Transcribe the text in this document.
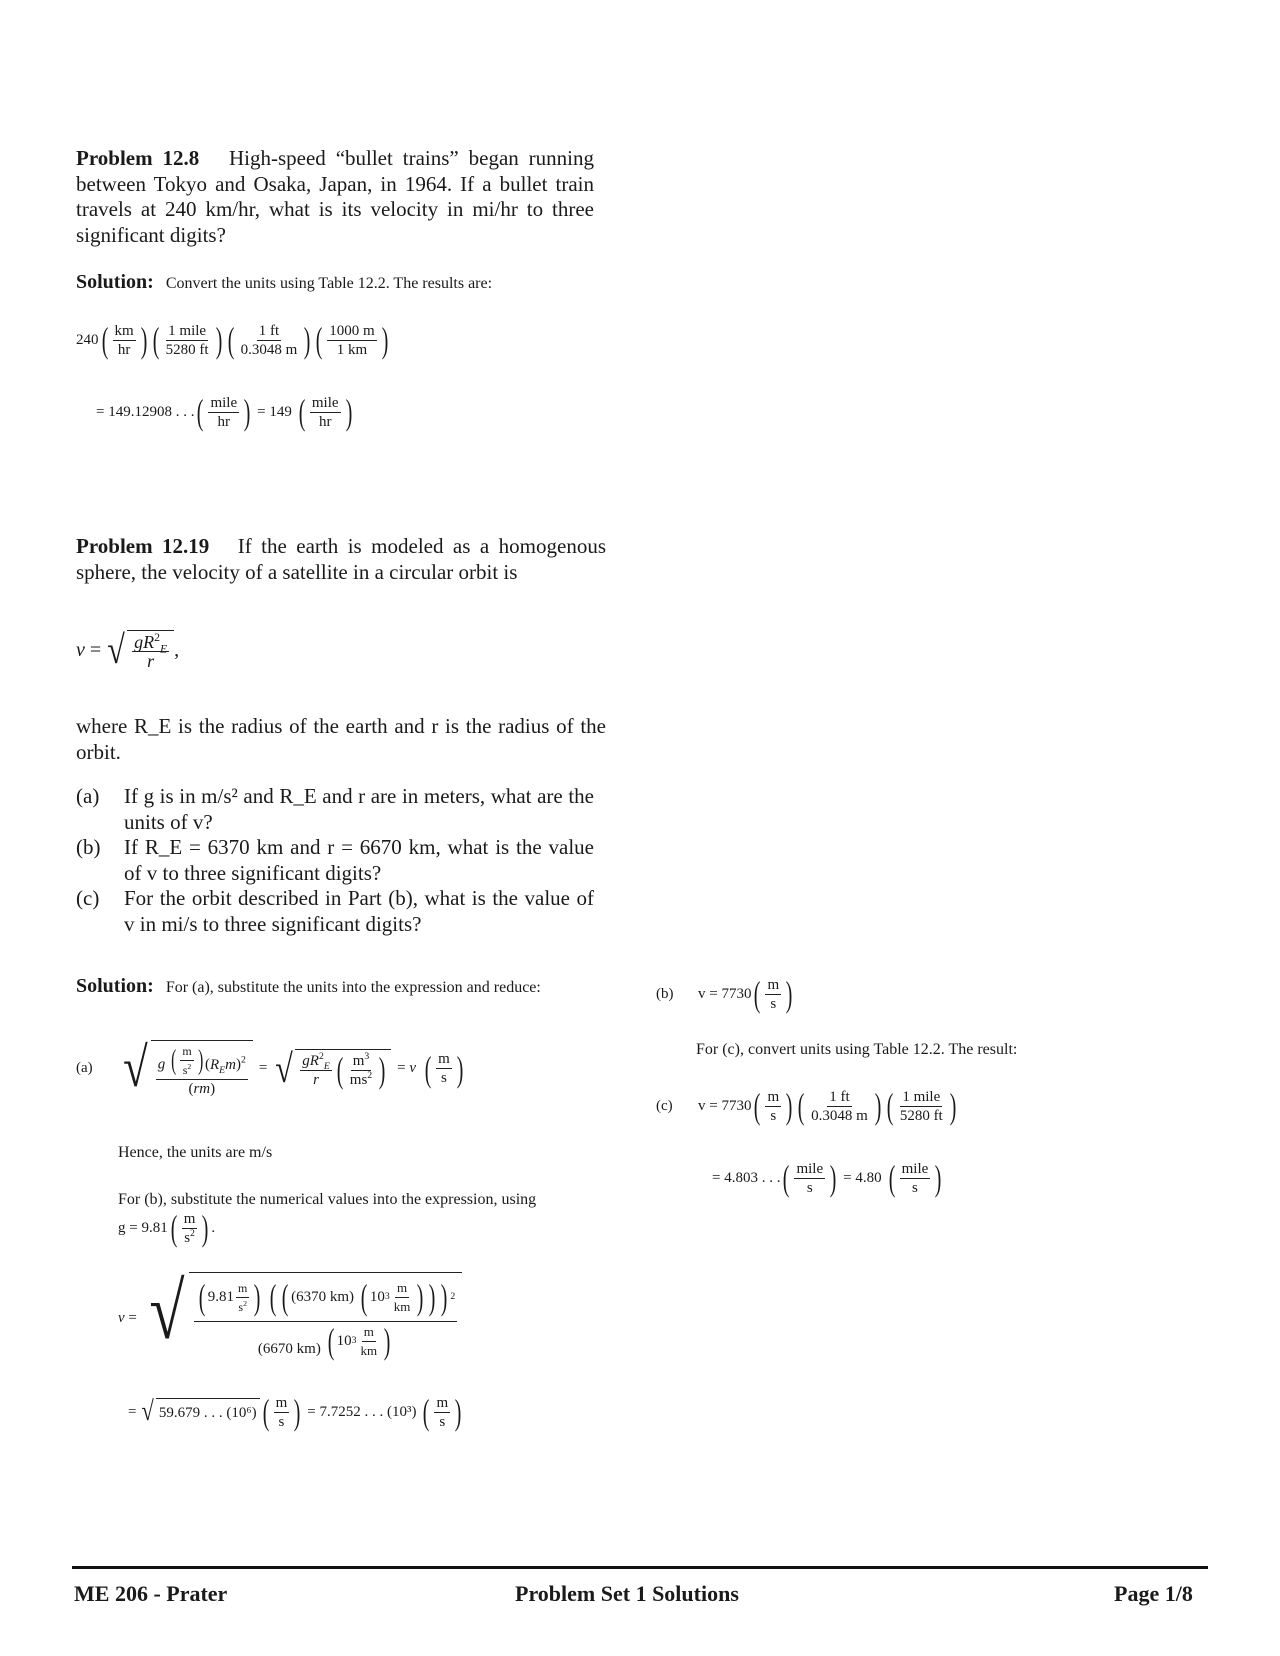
Problem 12.8 High-speed “bullet trains” began running between Tokyo and Osaka, Japan, in 1964. If a bullet train travels at 240 km/hr, what is its velocity in mi/hr to three significant digits?
Solution: Convert the units using Table 12.2. The results are:
240 ( $\frac{km}{hr}$ ) ( $\frac{\text{1 mile}}{5280 ft}$ ) ( $\frac{1 ft}{0.3048 m}$ ) ( $\frac{1000 m}{1 km}$ )
= 149.12908 . . . ( $\frac{\text{mile}}{hr}$ ) = 149 ( $\frac{\text{mile}}{hr}$ )
Problem 12.19 If the earth is modeled as a homogenous sphere, the velocity of a satellite in a circular orbit is
v = √ $\frac{gR^2_E}{r}$ ,
where R_E is the radius of the earth and r is the radius of the orbit.
(a) If g is in m/s² and R_E and r are in meters, what are the units of v?
(b) If R_E = 6370 km and r = 6670 km, what is the value of v to three significant digits?
(c) For the orbit described in Part (b), what is the value of v in mi/s to three significant digits?
Solution: For (a), substitute the units into the expression and reduce:
(a) √ $\frac{g ( \frac{m}{s^2} ) (R_Em)^2}{(rm)}$ = √ $\frac{gR^2_E}{r}$ ( $\frac{m^3}{ms^2}$ ) = v ( $\frac{m}{s}$ )
Hence, the units are m/s
For (b), substitute the numerical values into the expression, using
g = 9.81 ( $\frac{m}{s^2}$ ) .
v = √ ( $9.81 \frac{m}{s^2}$ )
( ( (6370 km)
( 10 $3 \frac{m}{km}$ ) ) ) 2
(6670 km) ( 10 $3 \frac{m}{km}$ )
= √ 59.679 . . . (10⁶) ( $\frac{m}{s}$ ) = 7.7252 . . . (10³) ( $\frac{m}{s}$ )
(b)	v = 7730 ( $\frac{m}{s}$ )
For (c), convert units using Table 12.2. The result:
(c)	v = 7730 ( $\frac{m}{s}$ ) ( $\frac{1 ft}{0.3048 m}$ ) ( $\frac{\text{1 mile}}{5280 ft}$ )
= 4.803 . . . ( $\frac{\text{mile}}{s}$ ) = 4.80 ( $\frac{\text{mile}}{s}$ )
ME 206 - Prater	Problem Set 1 Solutions	Page 1/8
